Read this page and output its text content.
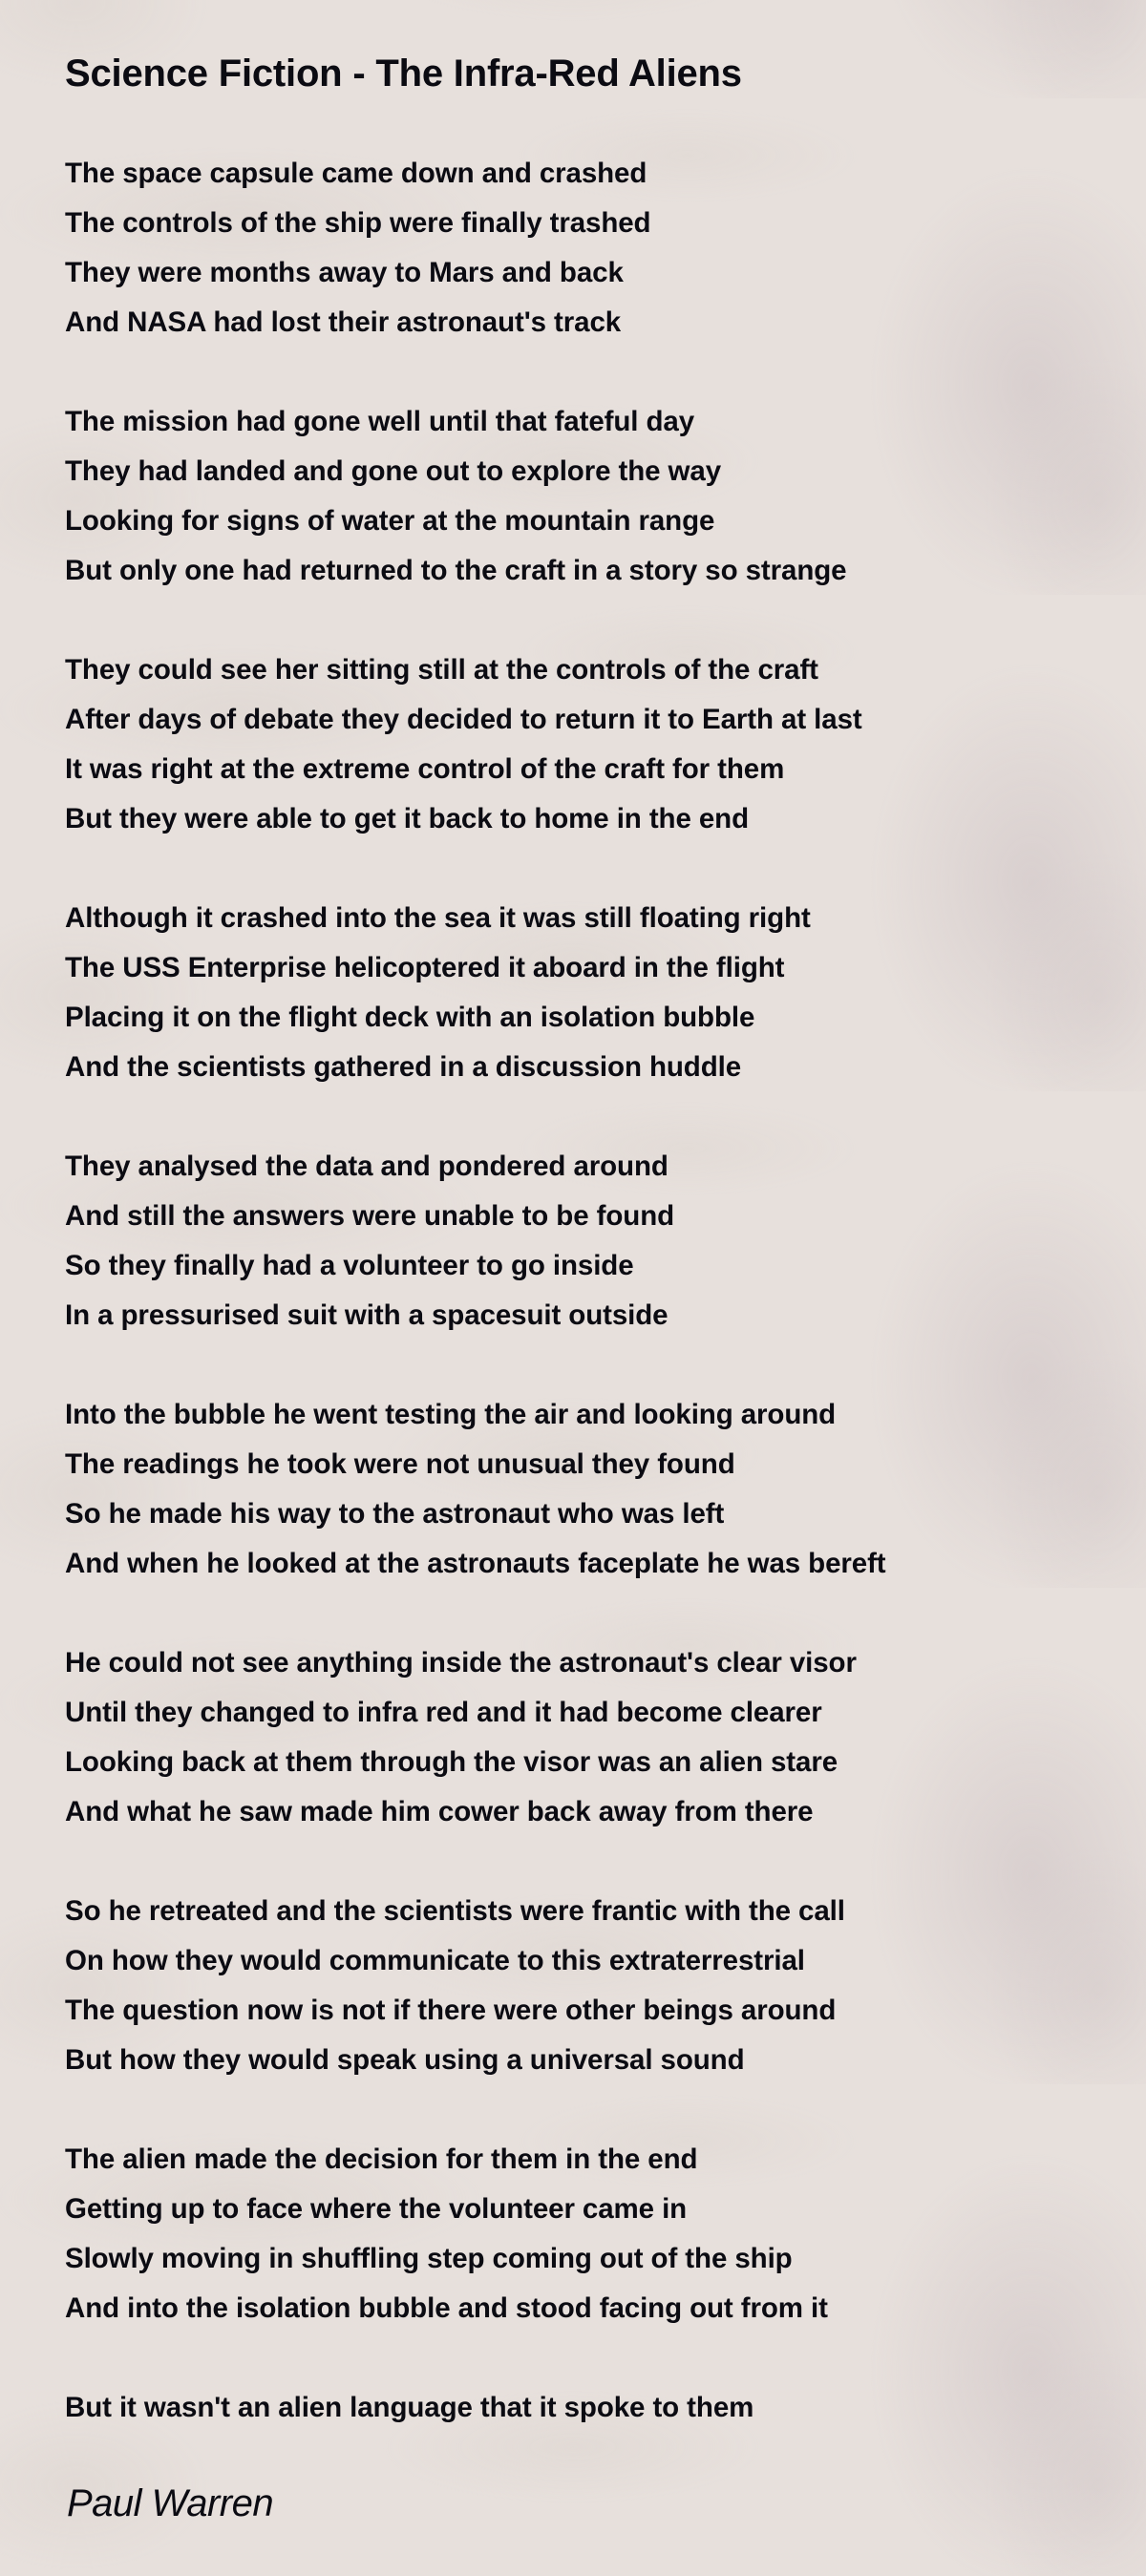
Science Fiction - The Infra-Red Aliens
The space capsule came down and crashed
The controls of the ship were finally trashed
They were months away to Mars and back
And NASA had lost their astronaut's track
The mission had gone well until that fateful day
They had landed and gone out to explore the way
Looking for signs of water at the mountain range
But only one had returned to the craft in a story so strange
They could see her sitting still at the controls of the craft
After days of debate they decided to return it to Earth at last
It was right at the extreme control of the craft for them
But they were able to get it back to home in the end
Although it crashed into the sea it was still floating right
The USS Enterprise helicoptered it aboard in the flight
Placing it on the flight deck with an isolation bubble
And the scientists gathered in a discussion huddle
They analysed the data and pondered around
And still the answers were unable to be found
So they finally had a volunteer to go inside
In a pressurised suit with a spacesuit outside
Into the bubble he went testing the air and looking around
The readings he took were not unusual they found
So he made his way to the astronaut who was left
And when he looked at the astronauts faceplate he was bereft
He could not see anything inside the astronaut's clear visor
Until they changed to infra red and it had become clearer
Looking back at them through the visor was an alien stare
And what he saw made him cower back away from there
So he retreated and the scientists were frantic with the call
On how they would communicate to this extraterrestrial
The question now is not if there were other beings around
But how they would speak using a universal sound
The alien made the decision for them in the end
Getting up to face where the volunteer came in
Slowly moving in shuffling step coming out of the ship
And into the isolation bubble and stood facing out from it
But it wasn't an alien language that it spoke to them

Paul Warren
